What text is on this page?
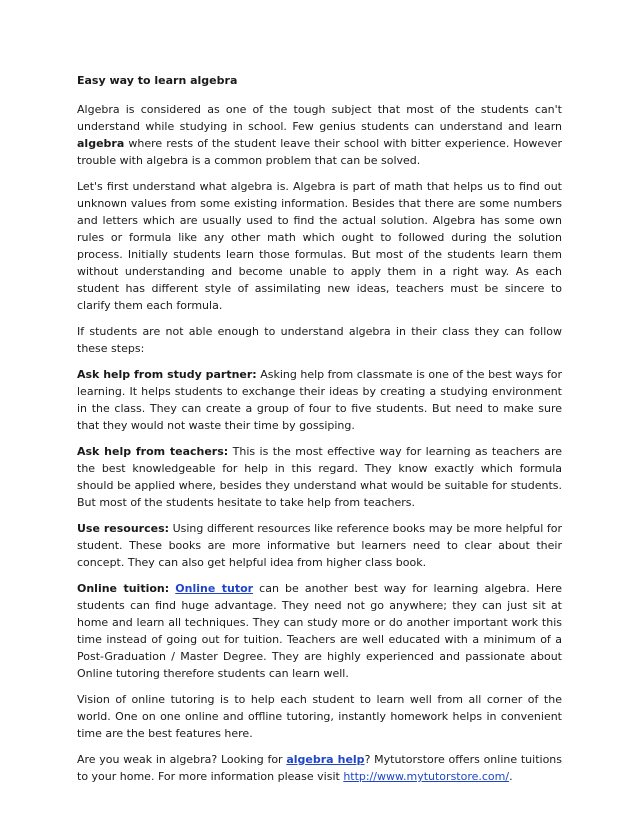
Easy way to learn algebra

Algebra is considered as one of the tough subject that most of the students can't understand while studying in school. Few genius students can understand and learn algebra where rests of the student leave their school with bitter experience. However trouble with algebra is a common problem that can be solved.

Let's first understand what algebra is. Algebra is part of math that helps us to find out unknown values from some existing information. Besides that there are some numbers and letters which are usually used to find the actual solution. Algebra has some own rules or formula like any other math which ought to followed during the solution process. Initially students learn those formulas. But most of the students learn them without understanding and become unable to apply them in a right way. As each student has different style of assimilating new ideas, teachers must be sincere to clarify them each formula.

If students are not able enough to understand algebra in their class they can follow these steps:

Ask help from study partner: Asking help from classmate is one of the best ways for learning. It helps students to exchange their ideas by creating a studying environment in the class. They can create a group of four to five students. But need to make sure that they would not waste their time by gossiping.

Ask help from teachers: This is the most effective way for learning as teachers are the best knowledgeable for help in this regard. They know exactly which formula should be applied where, besides they understand what would be suitable for students. But most of the students hesitate to take help from teachers.

Use resources: Using different resources like reference books may be more helpful for student. These books are more informative but learners need to clear about their concept. They can also get helpful idea from higher class book.

Online tuition: Online tutor can be another best way for learning algebra. Here students can find huge advantage. They need not go anywhere; they can just sit at home and learn all techniques. They can study more or do another important work this time instead of going out for tuition. Teachers are well educated with a minimum of a Post-Graduation / Master Degree. They are highly experienced and passionate about Online tutoring therefore students can learn well.

Vision of online tutoring is to help each student to learn well from all corner of the world. One on one online and offline tutoring, instantly homework helps in convenient time are the best features here.

Are you weak in algebra? Looking for algebra help? Mytutorstore offers online tuitions to your home. For more information please visit http://www.mytutorstore.com/.
